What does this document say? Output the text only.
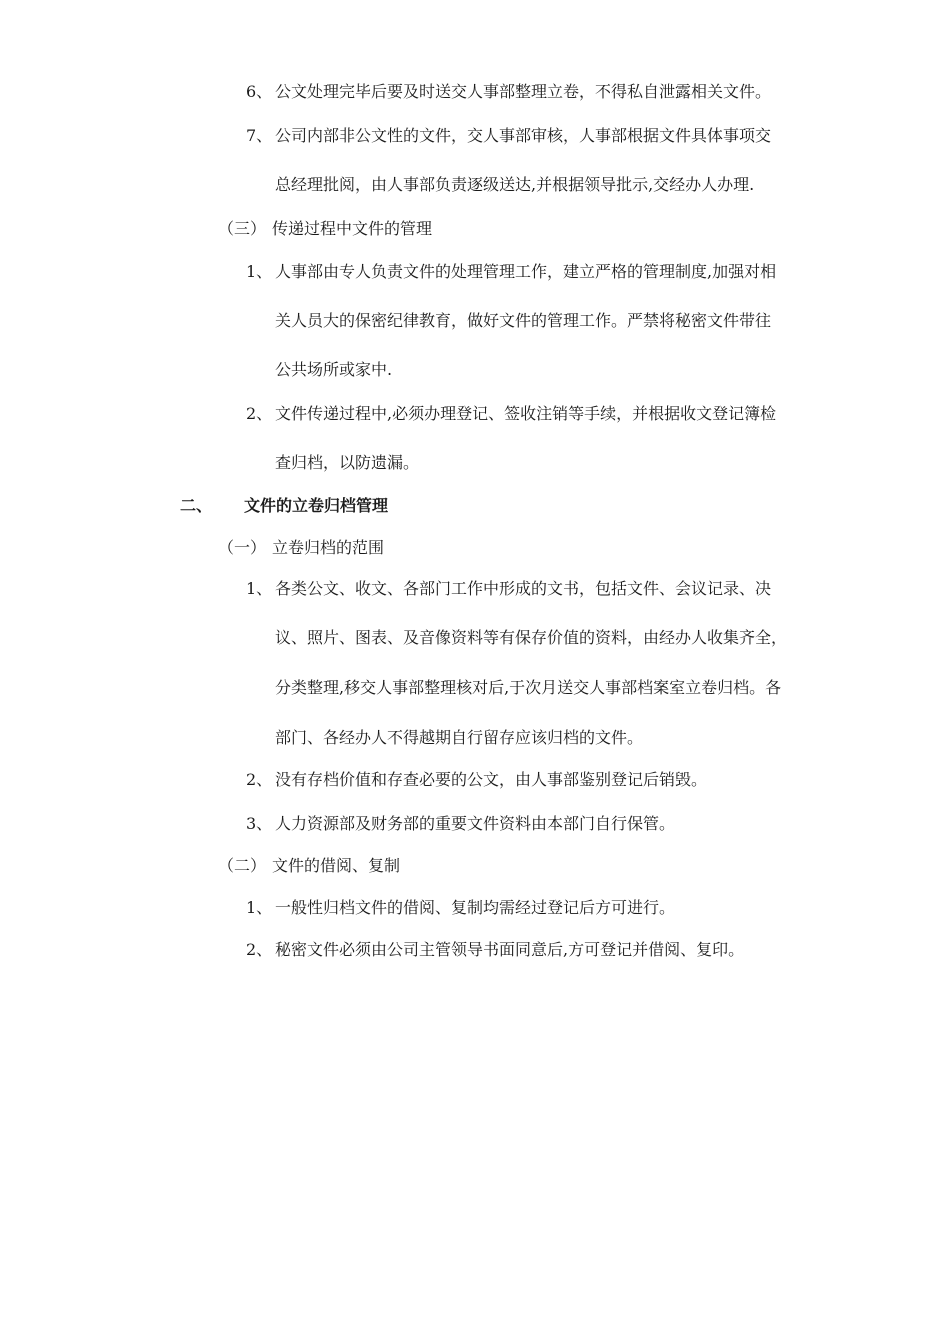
6、 公文处理完毕后要及时送交人事部整理立卷，不得私自泄露相关文件。
7、 公司内部非公文性的文件，交人事部审核，人事部根据文件具体事项交
总经理批阅，由人事部负责逐级送达,并根据领导批示,交经办人办理.
（三） 传递过程中文件的管理
1、 人事部由专人负责文件的处理管理工作，建立严格的管理制度,加强对相
关人员大的保密纪律教育，做好文件的管理工作。严禁将秘密文件带往
公共场所或家中.
2、 文件传递过程中,必须办理登记、签收注销等手续，并根据收文登记簿检
查归档，以防遗漏。
二、 文件的立卷归档管理
（一） 立卷归档的范围
1、 各类公文、收文、各部门工作中形成的文书，包括文件、会议记录、决
议、照片、图表、及音像资料等有保存价值的资料，由经办人收集齐全，
分类整理,移交人事部整理核对后,于次月送交人事部档案室立卷归档。各
部门、各经办人不得越期自行留存应该归档的文件。
2、 没有存档价值和存查必要的公文，由人事部鉴别登记后销毁。
3、 人力资源部及财务部的重要文件资料由本部门自行保管。
（二） 文件的借阅、复制
1、 一般性归档文件的借阅、复制均需经过登记后方可进行。
2、 秘密文件必须由公司主管领导书面同意后,方可登记并借阅、复印。
